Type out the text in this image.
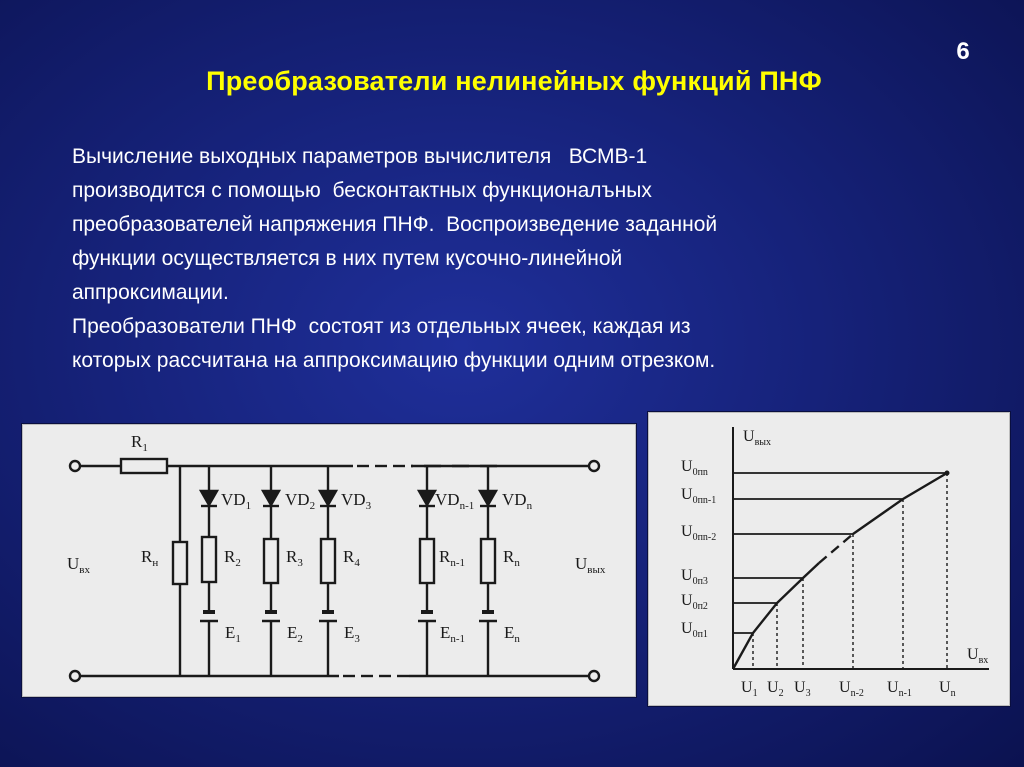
6
Преобразователи нелинейных функций ПНФ

Вычисление выходных параметров вычислителя   ВСМВ-1
производится с помощью  бесконтактных функционалъных
преобразователей напряжения ПНФ.  Воспроизведение заданной
функции осуществляется в них путем кусочно-линейной
аппроксимации.

Преобразователи ПНФ  состоят из отдельных ячеек, каждая из
которых рассчитана на аппроксимацию функции одним отрезком.

$R_1$
$U_{вх}$	$U_{вых}$
$R_н$
$VD_1$
$R_2$
$E_1$
$VD_2$
$R_3$
$E_2$
$VD_3$
$R_4$
$E_3$
$VD_{n-1}$
$R_{n-1}$
$E_{n-1}$
$VD_n$
$R_n$
$E_n$
$U_{вых}$
$U_{вх}$
$U_{0пn}$
$U_{0пn-1}$
$U_{0пn-2}$
$U_{0п3}$
$U_{0п2}$
$U_{0п1}$
$U_1$ $U_2$ $U_3$ $U_{n-2}$ $U_{n-1}$ $U_n$
